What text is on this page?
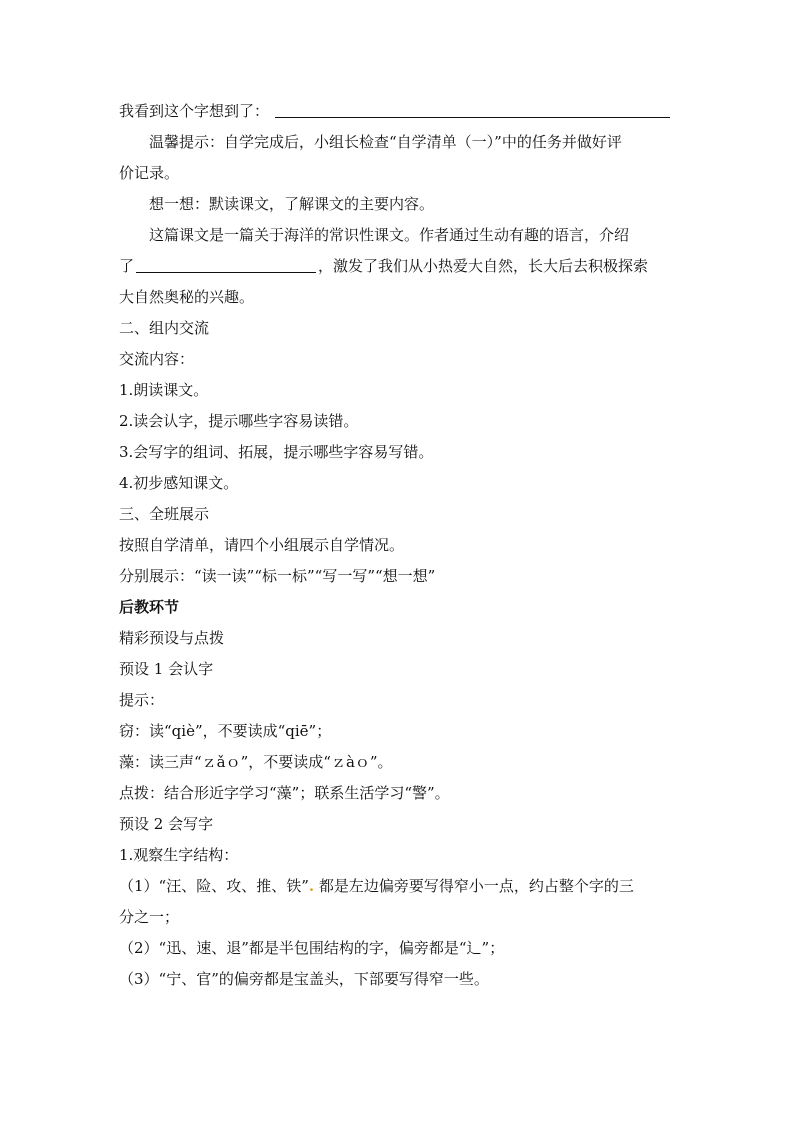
我看到这个字想到了：
温馨提示：自学完成后，小组长检查“自学清单（一）”中的任务并做好评
价记录。
想一想：默读课文，了解课文的主要内容。
这篇课文是一篇关于海洋的常识性课文。作者通过生动有趣的语言，介绍
了	，激发了我们从小热爱大自然，长大后去积极探索
大自然奥秘的兴趣。
二、组内交流
交流内容：
1.朗读课文。
2.读会认字，提示哪些字容易读错。
3.会写字的组词、拓展，提示哪些字容易写错。
4.初步感知课文。
三、全班展示
按照自学清单，请四个小组展示自学情况。
分别展示：“读一读”“标一标”“写一写”“想一想”
后教环节
精彩预设与点拨
预设 1 会认字
提示：
窃：读“qiè”，不要读成“qiē”；
藻：读三声“ｚǎｏ”，不要读成“ｚàｏ”。
点拨：结合形近字学习“藻”；联系生活学习“警”。
预设 2 会写字
1.观察生字结构：
（1）“汪、险、攻、推、铁”. 都是左边偏旁要写得窄小一点，约占整个字的三
分之一；
（2）“迅、速、退”都是半包围结构的字，偏旁都是“辶”；
（3）“宁、官”的偏旁都是宝盖头，下部要写得窄一些。
